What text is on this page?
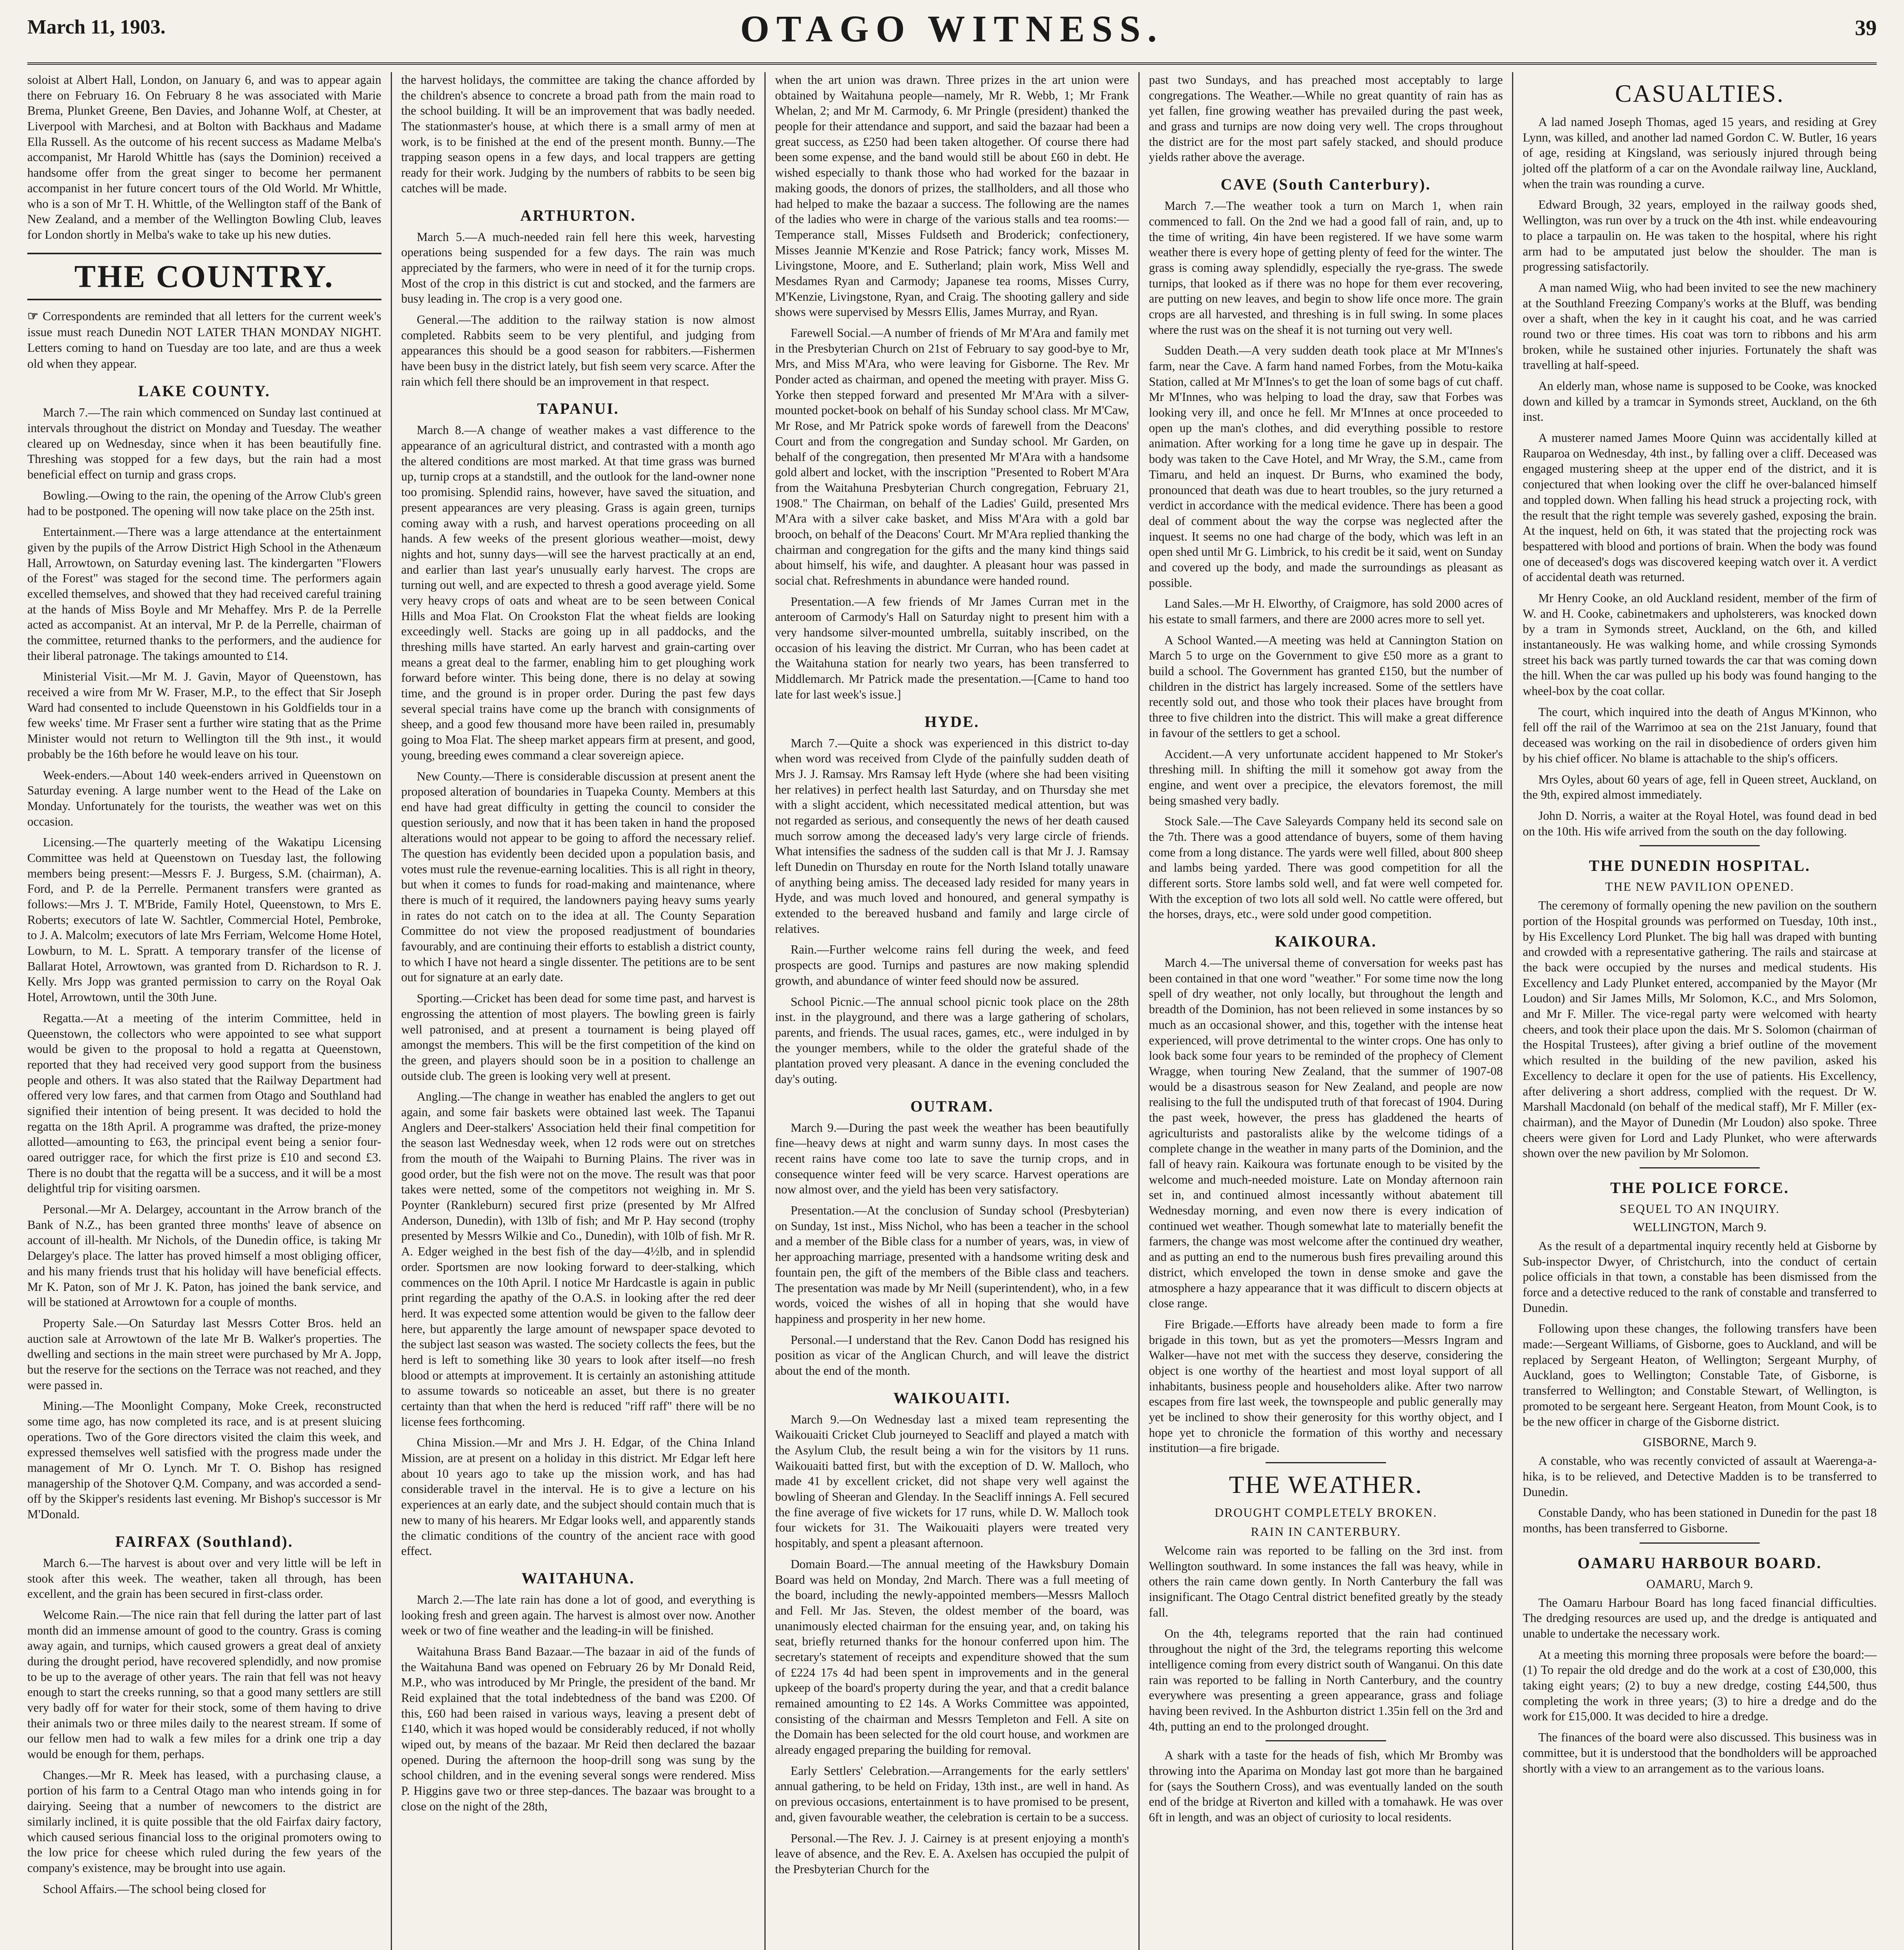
March 11, 1903.	OTAGO WITNESS.	39

soloist at Albert Hall, London, on January 6, and was to appear again there on February 16. On February 8 he was associated with Marie Brema, Plunket Greene, Ben Davies, and Johanne Wolf, at Chester, at Liverpool with Marchesi, and at Bolton with Backhaus and Madame Ella Russell. As the outcome of his recent success as Madame Melba's accompanist, Mr Harold Whittle has (says the Dominion) received a handsome offer from the great singer to become her permanent accompanist in her future concert tours of the Old World. Mr Whittle, who is a son of Mr T. H. Whittle, of the Wellington staff of the Bank of New Zealand, and a member of the Wellington Bowling Club, leaves for London shortly in Melba's wake to take up his new duties.

THE COUNTRY.
☞ Correspondents are reminded that all letters for the current week's issue must reach Dunedin NOT LATER THAN MONDAY NIGHT. Letters coming to hand on Tuesday are too late, and are thus a week old when they appear.
LAKE COUNTY.

March 7.—The rain which commenced on Sunday last continued at intervals throughout the district on Monday and Tuesday. The weather cleared up on Wednesday, since when it has been beautifully fine. Threshing was stopped for a few days, but the rain had a most beneficial effect on turnip and grass crops.

Bowling.—Owing to the rain, the opening of the Arrow Club's green had to be postponed. The opening will now take place on the 25th inst.

Entertainment.—There was a large attendance at the entertainment given by the pupils of the Arrow District High School in the Athenæum Hall, Arrowtown, on Saturday evening last. The kindergarten "Flowers of the Forest" was staged for the second time. The performers again excelled themselves, and showed that they had received careful training at the hands of Miss Boyle and Mr Mehaffey. Mrs P. de la Perrelle acted as accompanist. At an interval, Mr P. de la Perrelle, chairman of the committee, returned thanks to the performers, and the audience for their liberal patronage. The takings amounted to £14.

Ministerial Visit.—Mr M. J. Gavin, Mayor of Queenstown, has received a wire from Mr W. Fraser, M.P., to the effect that Sir Joseph Ward had consented to include Queenstown in his Goldfields tour in a few weeks' time. Mr Fraser sent a further wire stating that as the Prime Minister would not return to Wellington till the 9th inst., it would probably be the 16th before he would leave on his tour.

Week-enders.—About 140 week-enders arrived in Queenstown on Saturday evening. A large number went to the Head of the Lake on Monday. Unfortunately for the tourists, the weather was wet on this occasion.

Licensing.—The quarterly meeting of the Wakatipu Licensing Committee was held at Queenstown on Tuesday last, the following members being present:—Messrs F. J. Burgess, S.M. (chairman), A. Ford, and P. de la Perrelle. Permanent transfers were granted as follows:—Mrs J. T. M'Bride, Family Hotel, Queenstown, to Mrs E. Roberts; executors of late W. Sachtler, Commercial Hotel, Pembroke, to J. A. Malcolm; executors of late Mrs Ferriam, Welcome Home Hotel, Lowburn, to M. L. Spratt. A temporary transfer of the license of Ballarat Hotel, Arrowtown, was granted from D. Richardson to R. J. Kelly. Mrs Jopp was granted permission to carry on the Royal Oak Hotel, Arrowtown, until the 30th June.

Regatta.—At a meeting of the interim Committee, held in Queenstown, the collectors who were appointed to see what support would be given to the proposal to hold a regatta at Queenstown, reported that they had received very good support from the business people and others. It was also stated that the Railway Department had offered very low fares, and that carmen from Otago and Southland had signified their intention of being present. It was decided to hold the regatta on the 18th April. A programme was drafted, the prize-money allotted—amounting to £63, the principal event being a senior four-oared outrigger race, for which the first prize is £10 and second £3. There is no doubt that the regatta will be a success, and it will be a most delightful trip for visiting oarsmen.

Personal.—Mr A. Delargey, accountant in the Arrow branch of the Bank of N.Z., has been granted three months' leave of absence on account of ill-health. Mr Nichols, of the Dunedin office, is taking Mr Delargey's place. The latter has proved himself a most obliging officer, and his many friends trust that his holiday will have beneficial effects. Mr K. Paton, son of Mr J. K. Paton, has joined the bank service, and will be stationed at Arrowtown for a couple of months.

Property Sale.—On Saturday last Messrs Cotter Bros. held an auction sale at Arrowtown of the late Mr B. Walker's properties. The dwelling and sections in the main street were purchased by Mr A. Jopp, but the reserve for the sections on the Terrace was not reached, and they were passed in.

Mining.—The Moonlight Company, Moke Creek, reconstructed some time ago, has now completed its race, and is at present sluicing operations. Two of the Gore directors visited the claim this week, and expressed themselves well satisfied with the progress made under the management of Mr O. Lynch. Mr T. O. Bishop has resigned managership of the Shotover Q.M. Company, and was accorded a send-off by the Skipper's residents last evening. Mr Bishop's successor is Mr M'Donald.

FAIRFAX (Southland).

March 6.—The harvest is about over and very little will be left in stook after this week. The weather, taken all through, has been excellent, and the grain has been secured in first-class order.

Welcome Rain.—The nice rain that fell during the latter part of last month did an immense amount of good to the country. Grass is coming away again, and turnips, which caused growers a great deal of anxiety during the drought period, have recovered splendidly, and now promise to be up to the average of other years. The rain that fell was not heavy enough to start the creeks running, so that a good many settlers are still very badly off for water for their stock, some of them having to drive their animals two or three miles daily to the nearest stream. If some of our fellow men had to walk a few miles for a drink one trip a day would be enough for them, perhaps.

Changes.—Mr R. Meek has leased, with a purchasing clause, a portion of his farm to a Central Otago man who intends going in for dairying. Seeing that a number of newcomers to the district are similarly inclined, it is quite possible that the old Fairfax dairy factory, which caused serious financial loss to the original promoters owing to the low price for cheese which ruled during the few years of the company's existence, may be brought into use again.

School Affairs.—The school being closed for

the harvest holidays, the committee are taking the chance afforded by the children's absence to concrete a broad path from the main road to the school building. It will be an improvement that was badly needed. The stationmaster's house, at which there is a small army of men at work, is to be finished at the end of the present month. Bunny.—The trapping season opens in a few days, and local trappers are getting ready for their work. Judging by the numbers of rabbits to be seen big catches will be made.

ARTHURTON.

March 5.—A much-needed rain fell here this week, harvesting operations being suspended for a few days. The rain was much appreciated by the farmers, who were in need of it for the turnip crops. Most of the crop in this district is cut and stocked, and the farmers are busy leading in. The crop is a very good one.

General.—The addition to the railway station is now almost completed. Rabbits seem to be very plentiful, and judging from appearances this should be a good season for rabbiters.—Fishermen have been busy in the district lately, but fish seem very scarce. After the rain which fell there should be an improvement in that respect.

TAPANUI.

March 8.—A change of weather makes a vast difference to the appearance of an agricultural district, and contrasted with a month ago the altered conditions are most marked. At that time grass was burned up, turnip crops at a standstill, and the outlook for the land-owner none too promising. Splendid rains, however, have saved the situation, and present appearances are very pleasing. Grass is again green, turnips coming away with a rush, and harvest operations proceeding on all hands. A few weeks of the present glorious weather—moist, dewy nights and hot, sunny days—will see the harvest practically at an end, and earlier than last year's unusually early harvest. The crops are turning out well, and are expected to thresh a good average yield. Some very heavy crops of oats and wheat are to be seen between Conical Hills and Moa Flat. On Crookston Flat the wheat fields are looking exceedingly well. Stacks are going up in all paddocks, and the threshing mills have started. An early harvest and grain-carting over means a great deal to the farmer, enabling him to get ploughing work forward before winter. This being done, there is no delay at sowing time, and the ground is in proper order. During the past few days several special trains have come up the branch with consignments of sheep, and a good few thousand more have been railed in, presumably going to Moa Flat. The sheep market appears firm at present, and good, young, breeding ewes command a clear sovereign apiece.

New County.—There is considerable discussion at present anent the proposed alteration of boundaries in Tuapeka County. Members at this end have had great difficulty in getting the council to consider the question seriously, and now that it has been taken in hand the proposed alterations would not appear to be going to afford the necessary relief. The question has evidently been decided upon a population basis, and votes must rule the revenue-earning localities. This is all right in theory, but when it comes to funds for road-making and maintenance, where there is much of it required, the landowners paying heavy sums yearly in rates do not catch on to the idea at all. The County Separation Committee do not view the proposed readjustment of boundaries favourably, and are continuing their efforts to establish a district county, to which I have not heard a single dissenter. The petitions are to be sent out for signature at an early date.

Sporting.—Cricket has been dead for some time past, and harvest is engrossing the attention of most players. The bowling green is fairly well patronised, and at present a tournament is being played off amongst the members. This will be the first competition of the kind on the green, and players should soon be in a position to challenge an outside club. The green is looking very well at present.

Angling.—The change in weather has enabled the anglers to get out again, and some fair baskets were obtained last week. The Tapanui Anglers and Deer-stalkers' Association held their final competition for the season last Wednesday week, when 12 rods were out on stretches from the mouth of the Waipahi to Burning Plains. The river was in good order, but the fish were not on the move. The result was that poor takes were netted, some of the competitors not weighing in. Mr S. Poynter (Rankleburn) secured first prize (presented by Mr Alfred Anderson, Dunedin), with 13lb of fish; and Mr P. Hay second (trophy presented by Messrs Wilkie and Co., Dunedin), with 10lb of fish. Mr R. A. Edger weighed in the best fish of the day—4½lb, and in splendid order. Sportsmen are now looking forward to deer-stalking, which commences on the 10th April. I notice Mr Hardcastle is again in public print regarding the apathy of the O.A.S. in looking after the red deer herd. It was expected some attention would be given to the fallow deer here, but apparently the large amount of newspaper space devoted to the subject last season was wasted. The society collects the fees, but the herd is left to something like 30 years to look after itself—no fresh blood or attempts at improvement. It is certainly an astonishing attitude to assume towards so noticeable an asset, but there is no greater certainty than that when the herd is reduced "riff raff" there will be no license fees forthcoming.

China Mission.—Mr and Mrs J. H. Edgar, of the China Inland Mission, are at present on a holiday in this district. Mr Edgar left here about 10 years ago to take up the mission work, and has had considerable travel in the interval. He is to give a lecture on his experiences at an early date, and the subject should contain much that is new to many of his hearers. Mr Edgar looks well, and apparently stands the climatic conditions of the country of the ancient race with good effect.

WAITAHUNA.

March 2.—The late rain has done a lot of good, and everything is looking fresh and green again. The harvest is almost over now. Another week or two of fine weather and the leading-in will be finished.

Waitahuna Brass Band Bazaar.—The bazaar in aid of the funds of the Waitahuna Band was opened on February 26 by Mr Donald Reid, M.P., who was introduced by Mr Pringle, the president of the band. Mr Reid explained that the total indebtedness of the band was £200. Of this, £60 had been raised in various ways, leaving a present debt of £140, which it was hoped would be considerably reduced, if not wholly wiped out, by means of the bazaar. Mr Reid then declared the bazaar opened. During the afternoon the hoop-drill song was sung by the school children, and in the evening several songs were rendered. Miss P. Higgins gave two or three step-dances. The bazaar was brought to a close on the night of the 28th,

when the art union was drawn. Three prizes in the art union were obtained by Waitahuna people—namely, Mr R. Webb, 1; Mr Frank Whelan, 2; and Mr M. Carmody, 6. Mr Pringle (president) thanked the people for their attendance and support, and said the bazaar had been a great success, as £250 had been taken altogether. Of course there had been some expense, and the band would still be about £60 in debt. He wished especially to thank those who had worked for the bazaar in making goods, the donors of prizes, the stallholders, and all those who had helped to make the bazaar a success. The following are the names of the ladies who were in charge of the various stalls and tea rooms:—Temperance stall, Misses Fuldseth and Broderick; confectionery, Misses Jeannie M'Kenzie and Rose Patrick; fancy work, Misses M. Livingstone, Moore, and E. Sutherland; plain work, Miss Well and Mesdames Ryan and Carmody; Japanese tea rooms, Misses Curry, M'Kenzie, Livingstone, Ryan, and Craig. The shooting gallery and side shows were supervised by Messrs Ellis, James Murray, and Ryan.

Farewell Social.—A number of friends of Mr M'Ara and family met in the Presbyterian Church on 21st of February to say good-bye to Mr, Mrs, and Miss M'Ara, who were leaving for Gisborne. The Rev. Mr Ponder acted as chairman, and opened the meeting with prayer. Miss G. Yorke then stepped forward and presented Mr M'Ara with a silver-mounted pocket-book on behalf of his Sunday school class. Mr M'Caw, Mr Rose, and Mr Patrick spoke words of farewell from the Deacons' Court and from the congregation and Sunday school. Mr Garden, on behalf of the congregation, then presented Mr M'Ara with a handsome gold albert and locket, with the inscription "Presented to Robert M'Ara from the Waitahuna Presbyterian Church congregation, February 21, 1908." The Chairman, on behalf of the Ladies' Guild, presented Mrs M'Ara with a silver cake basket, and Miss M'Ara with a gold bar brooch, on behalf of the Deacons' Court. Mr M'Ara replied thanking the chairman and congregation for the gifts and the many kind things said about himself, his wife, and daughter. A pleasant hour was passed in social chat. Refreshments in abundance were handed round.

Presentation.—A few friends of Mr James Curran met in the anteroom of Carmody's Hall on Saturday night to present him with a very handsome silver-mounted umbrella, suitably inscribed, on the occasion of his leaving the district. Mr Curran, who has been cadet at the Waitahuna station for nearly two years, has been transferred to Middlemarch. Mr Patrick made the presentation.—[Came to hand too late for last week's issue.]

HYDE.

March 7.—Quite a shock was experienced in this district to-day when word was received from Clyde of the painfully sudden death of Mrs J. J. Ramsay. Mrs Ramsay left Hyde (where she had been visiting her relatives) in perfect health last Saturday, and on Thursday she met with a slight accident, which necessitated medical attention, but was not regarded as serious, and consequently the news of her death caused much sorrow among the deceased lady's very large circle of friends. What intensifies the sadness of the sudden call is that Mr J. J. Ramsay left Dunedin on Thursday en route for the North Island totally unaware of anything being amiss. The deceased lady resided for many years in Hyde, and was much loved and honoured, and general sympathy is extended to the bereaved husband and family and large circle of relatives.

Rain.—Further welcome rains fell during the week, and feed prospects are good. Turnips and pastures are now making splendid growth, and abundance of winter feed should now be assured.

School Picnic.—The annual school picnic took place on the 28th inst. in the playground, and there was a large gathering of scholars, parents, and friends. The usual races, games, etc., were indulged in by the younger members, while to the older the grateful shade of the plantation proved very pleasant. A dance in the evening concluded the day's outing.

OUTRAM.

March 9.—During the past week the weather has been beautifully fine—heavy dews at night and warm sunny days. In most cases the recent rains have come too late to save the turnip crops, and in consequence winter feed will be very scarce. Harvest operations are now almost over, and the yield has been very satisfactory.

Presentation.—At the conclusion of Sunday school (Presbyterian) on Sunday, 1st inst., Miss Nichol, who has been a teacher in the school and a member of the Bible class for a number of years, was, in view of her approaching marriage, presented with a handsome writing desk and fountain pen, the gift of the members of the Bible class and teachers. The presentation was made by Mr Neill (superintendent), who, in a few words, voiced the wishes of all in hoping that she would have happiness and prosperity in her new home.

Personal.—I understand that the Rev. Canon Dodd has resigned his position as vicar of the Anglican Church, and will leave the district about the end of the month.

WAIKOUAITI.

March 9.—On Wednesday last a mixed team representing the Waikouaiti Cricket Club journeyed to Seacliff and played a match with the Asylum Club, the result being a win for the visitors by 11 runs. Waikouaiti batted first, but with the exception of D. W. Malloch, who made 41 by excellent cricket, did not shape very well against the bowling of Sheeran and Glenday. In the Seacliff innings A. Fell secured the fine average of five wickets for 17 runs, while D. W. Malloch took four wickets for 31. The Waikouaiti players were treated very hospitably, and spent a pleasant afternoon.

Domain Board.—The annual meeting of the Hawksbury Domain Board was held on Monday, 2nd March. There was a full meeting of the board, including the newly-appointed members—Messrs Malloch and Fell. Mr Jas. Steven, the oldest member of the board, was unanimously elected chairman for the ensuing year, and, on taking his seat, briefly returned thanks for the honour conferred upon him. The secretary's statement of receipts and expenditure showed that the sum of £224 17s 4d had been spent in improvements and in the general upkeep of the board's property during the year, and that a credit balance remained amounting to £2 14s. A Works Committee was appointed, consisting of the chairman and Messrs Templeton and Fell. A site on the Domain has been selected for the old court house, and workmen are already engaged preparing the building for removal.

Early Settlers' Celebration.—Arrangements for the early settlers' annual gathering, to be held on Friday, 13th inst., are well in hand. As on previous occasions, entertainment is to have promised to be present, and, given favourable weather, the celebration is certain to be a success.

Personal.—The Rev. J. J. Cairney is at present enjoying a month's leave of absence, and the Rev. E. A. Axelsen has occupied the pulpit of the Presbyterian Church for the

past two Sundays, and has preached most acceptably to large congregations. The Weather.—While no great quantity of rain has as yet fallen, fine growing weather has prevailed during the past week, and grass and turnips are now doing very well. The crops throughout the district are for the most part safely stacked, and should produce yields rather above the average.

CAVE (South Canterbury).

March 7.—The weather took a turn on March 1, when rain commenced to fall. On the 2nd we had a good fall of rain, and, up to the time of writing, 4in have been registered. If we have some warm weather there is every hope of getting plenty of feed for the winter. The grass is coming away splendidly, especially the rye-grass. The swede turnips, that looked as if there was no hope for them ever recovering, are putting on new leaves, and begin to show life once more. The grain crops are all harvested, and threshing is in full swing. In some places where the rust was on the sheaf it is not turning out very well.

Sudden Death.—A very sudden death took place at Mr M'Innes's farm, near the Cave. A farm hand named Forbes, from the Motu-kaika Station, called at Mr M'Innes's to get the loan of some bags of cut chaff. Mr M'Innes, who was helping to load the dray, saw that Forbes was looking very ill, and once he fell. Mr M'Innes at once proceeded to open up the man's clothes, and did everything possible to restore animation. After working for a long time he gave up in despair. The body was taken to the Cave Hotel, and Mr Wray, the S.M., came from Timaru, and held an inquest. Dr Burns, who examined the body, pronounced that death was due to heart troubles, so the jury returned a verdict in accordance with the medical evidence. There has been a good deal of comment about the way the corpse was neglected after the inquest. It seems no one had charge of the body, which was left in an open shed until Mr G. Limbrick, to his credit be it said, went on Sunday and covered up the body, and made the surroundings as pleasant as possible.

Land Sales.—Mr H. Elworthy, of Craigmore, has sold 2000 acres of his estate to small farmers, and there are 2000 acres more to sell yet.

A School Wanted.—A meeting was held at Cannington Station on March 5 to urge on the Government to give £50 more as a grant to build a school. The Government has granted £150, but the number of children in the district has largely increased. Some of the settlers have recently sold out, and those who took their places have brought from three to five children into the district. This will make a great difference in favour of the settlers to get a school.

Accident.—A very unfortunate accident happened to Mr Stoker's threshing mill. In shifting the mill it somehow got away from the engine, and went over a precipice, the elevators foremost, the mill being smashed very badly.

Stock Sale.—The Cave Saleyards Company held its second sale on the 7th. There was a good attendance of buyers, some of them having come from a long distance. The yards were well filled, about 800 sheep and lambs being yarded. There was good competition for all the different sorts. Store lambs sold well, and fat were well competed for. With the exception of two lots all sold well. No cattle were offered, but the horses, drays, etc., were sold under good competition.

KAIKOURA.

March 4.—The universal theme of conversation for weeks past has been contained in that one word "weather." For some time now the long spell of dry weather, not only locally, but throughout the length and breadth of the Dominion, has not been relieved in some instances by so much as an occasional shower, and this, together with the intense heat experienced, will prove detrimental to the winter crops. One has only to look back some four years to be reminded of the prophecy of Clement Wragge, when touring New Zealand, that the summer of 1907-08 would be a disastrous season for New Zealand, and people are now realising to the full the undisputed truth of that forecast of 1904. During the past week, however, the press has gladdened the hearts of agriculturists and pastoralists alike by the welcome tidings of a complete change in the weather in many parts of the Dominion, and the fall of heavy rain. Kaikoura was fortunate enough to be visited by the welcome and much-needed moisture. Late on Monday afternoon rain set in, and continued almost incessantly without abatement till Wednesday morning, and even now there is every indication of continued wet weather. Though somewhat late to materially benefit the farmers, the change was most welcome after the continued dry weather, and as putting an end to the numerous bush fires prevailing around this district, which enveloped the town in dense smoke and gave the atmosphere a hazy appearance that it was difficult to discern objects at close range.

Fire Brigade.—Efforts have already been made to form a fire brigade in this town, but as yet the promoters—Messrs Ingram and Walker—have not met with the success they deserve, considering the object is one worthy of the heartiest and most loyal support of all inhabitants, business people and householders alike. After two narrow escapes from fire last week, the townspeople and public generally may yet be inclined to show their generosity for this worthy object, and I hope yet to chronicle the formation of this worthy and necessary institution—a fire brigade.

THE WEATHER.
DROUGHT COMPLETELY BROKEN.
RAIN IN CANTERBURY.

Welcome rain was reported to be falling on the 3rd inst. from Wellington southward. In some instances the fall was heavy, while in others the rain came down gently. In North Canterbury the fall was insignificant. The Otago Central district benefited greatly by the steady fall.

On the 4th, telegrams reported that the rain had continued throughout the night of the 3rd, the telegrams reporting this welcome intelligence coming from every district south of Wanganui. On this date rain was reported to be falling in North Canterbury, and the country everywhere was presenting a green appearance, grass and foliage having been revived. In the Ashburton district 1.35in fell on the 3rd and 4th, putting an end to the prolonged drought.

A shark with a taste for the heads of fish, which Mr Bromby was throwing into the Aparima on Monday last got more than he bargained for (says the Southern Cross), and was eventually landed on the south end of the bridge at Riverton and killed with a tomahawk. He was over 6ft in length, and was an object of curiosity to local residents.

CASUALTIES.

A lad named Joseph Thomas, aged 15 years, and residing at Grey Lynn, was killed, and another lad named Gordon C. W. Butler, 16 years of age, residing at Kingsland, was seriously injured through being jolted off the platform of a car on the Avondale railway line, Auckland, when the train was rounding a curve.

Edward Brough, 32 years, employed in the railway goods shed, Wellington, was run over by a truck on the 4th inst. while endeavouring to place a tarpaulin on. He was taken to the hospital, where his right arm had to be amputated just below the shoulder. The man is progressing satisfactorily.

A man named Wiig, who had been invited to see the new machinery at the Southland Freezing Company's works at the Bluff, was bending over a shaft, when the key in it caught his coat, and he was carried round two or three times. His coat was torn to ribbons and his arm broken, while he sustained other injuries. Fortunately the shaft was travelling at half-speed.

An elderly man, whose name is supposed to be Cooke, was knocked down and killed by a tramcar in Symonds street, Auckland, on the 6th inst.

A musterer named James Moore Quinn was accidentally killed at Rauparoa on Wednesday, 4th inst., by falling over a cliff. Deceased was engaged mustering sheep at the upper end of the district, and it is conjectured that when looking over the cliff he over-balanced himself and toppled down. When falling his head struck a projecting rock, with the result that the right temple was severely gashed, exposing the brain. At the inquest, held on 6th, it was stated that the projecting rock was bespattered with blood and portions of brain. When the body was found one of deceased's dogs was discovered keeping watch over it. A verdict of accidental death was returned.

Mr Henry Cooke, an old Auckland resident, member of the firm of W. and H. Cooke, cabinetmakers and upholsterers, was knocked down by a tram in Symonds street, Auckland, on the 6th, and killed instantaneously. He was walking home, and while crossing Symonds street his back was partly turned towards the car that was coming down the hill. When the car was pulled up his body was found hanging to the wheel-box by the coat collar.

The court, which inquired into the death of Angus M'Kinnon, who fell off the rail of the Warrimoo at sea on the 21st January, found that deceased was working on the rail in disobedience of orders given him by his chief officer. No blame is attachable to the ship's officers.

Mrs Oyles, about 60 years of age, fell in Queen street, Auckland, on the 9th, expired almost immediately.

John D. Norris, a waiter at the Royal Hotel, was found dead in bed on the 10th. His wife arrived from the south on the day following.

THE DUNEDIN HOSPITAL.
THE NEW PAVILION OPENED.

The ceremony of formally opening the new pavilion on the southern portion of the Hospital grounds was performed on Tuesday, 10th inst., by His Excellency Lord Plunket. The big hall was draped with bunting and crowded with a representative gathering. The rails and staircase at the back were occupied by the nurses and medical students. His Excellency and Lady Plunket entered, accompanied by the Mayor (Mr Loudon) and Sir James Mills, Mr Solomon, K.C., and Mrs Solomon, and Mr F. Miller. The vice-regal party were welcomed with hearty cheers, and took their place upon the dais. Mr S. Solomon (chairman of the Hospital Trustees), after giving a brief outline of the movement which resulted in the building of the new pavilion, asked his Excellency to declare it open for the use of patients. His Excellency, after delivering a short address, complied with the request. Dr W. Marshall Macdonald (on behalf of the medical staff), Mr F. Miller (ex-chairman), and the Mayor of Dunedin (Mr Loudon) also spoke. Three cheers were given for Lord and Lady Plunket, who were afterwards shown over the new pavilion by Mr Solomon.

THE POLICE FORCE.
SEQUEL TO AN INQUIRY.
WELLINGTON, March 9.

As the result of a departmental inquiry recently held at Gisborne by Sub-inspector Dwyer, of Christchurch, into the conduct of certain police officials in that town, a constable has been dismissed from the force and a detective reduced to the rank of constable and transferred to Dunedin.

Following upon these changes, the following transfers have been made:—Sergeant Williams, of Gisborne, goes to Auckland, and will be replaced by Sergeant Heaton, of Wellington; Sergeant Murphy, of Auckland, goes to Wellington; Constable Tate, of Gisborne, is transferred to Wellington; and Constable Stewart, of Wellington, is promoted to be sergeant here. Sergeant Heaton, from Mount Cook, is to be the new officer in charge of the Gisborne district.

GISBORNE, March 9.

A constable, who was recently convicted of assault at Waerenga-a-hika, is to be relieved, and Detective Madden is to be transferred to Dunedin.

Constable Dandy, who has been stationed in Dunedin for the past 18 months, has been transferred to Gisborne.

OAMARU HARBOUR BOARD.
OAMARU, March 9.

The Oamaru Harbour Board has long faced financial difficulties. The dredging resources are used up, and the dredge is antiquated and unable to undertake the necessary work.

At a meeting this morning three proposals were before the board:—(1) To repair the old dredge and do the work at a cost of £30,000, this taking eight years; (2) to buy a new dredge, costing £44,500, thus completing the work in three years; (3) to hire a dredge and do the work for £15,000. It was decided to hire a dredge.

The finances of the board were also discussed. This business was in committee, but it is understood that the bondholders will be approached shortly with a view to an arrangement as to the various loans.
